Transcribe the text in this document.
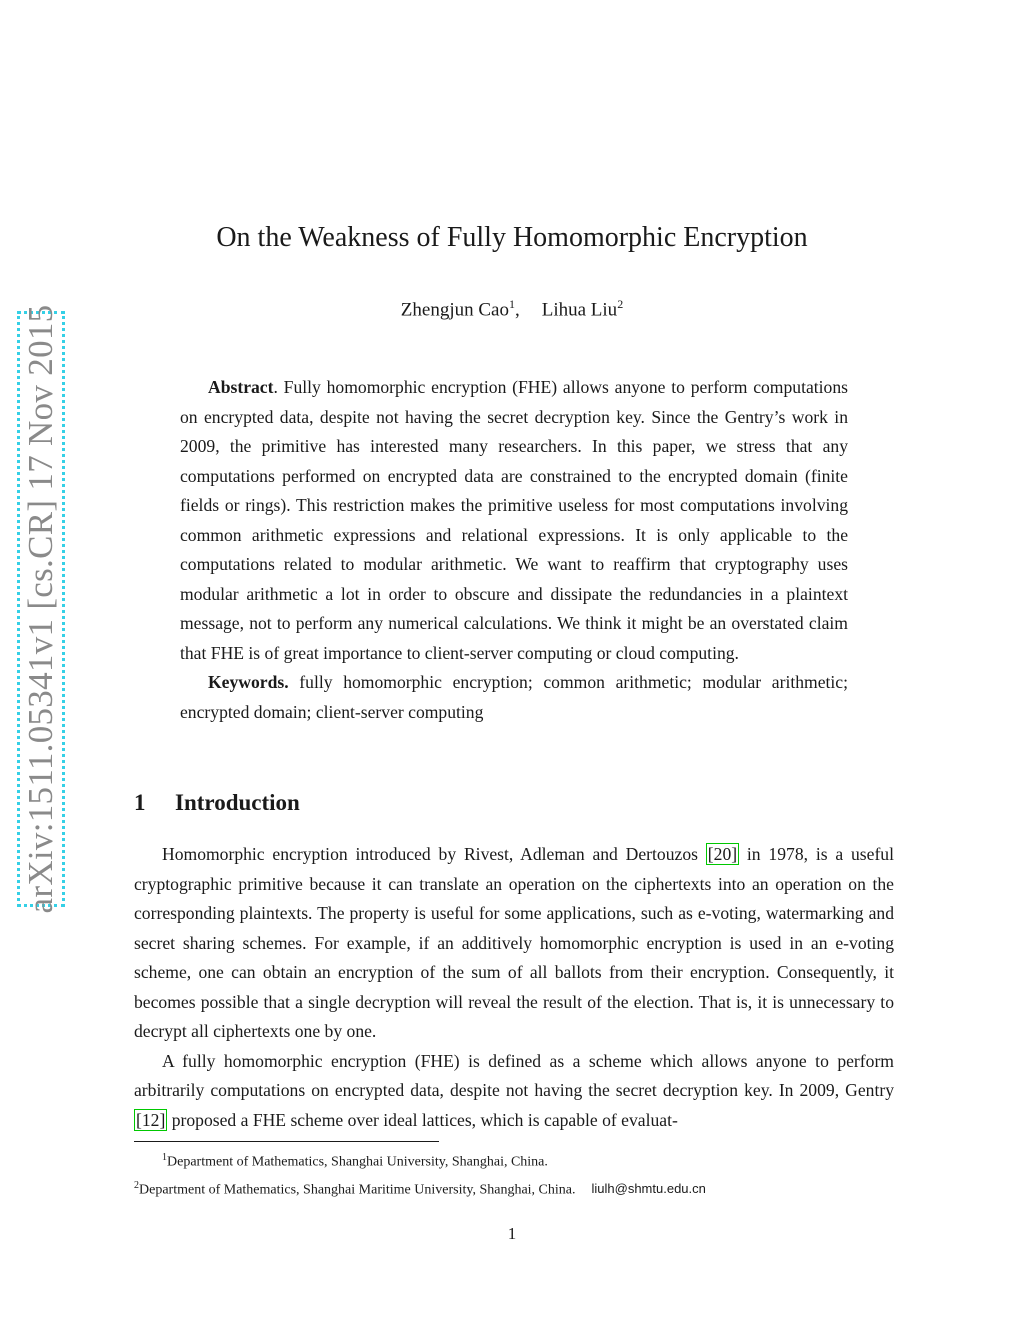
arXiv:1511.05341v1 [cs.CR] 17 Nov 2015
On the Weakness of Fully Homomorphic Encryption
Zhengjun Cao$^1$, Lihua Liu$^2$

Abstract. Fully homomorphic encryption (FHE) allows anyone to perform computations on encrypted data, despite not having the secret decryption key. Since the Gentry’s work in 2009, the primitive has interested many researchers. In this paper, we stress that any computations performed on encrypted data are constrained to the encrypted domain (finite fields or rings). This restriction makes the primitive useless for most computations involving common arithmetic expressions and relational expressions. It is only applicable to the computations related to modular arithmetic. We want to reaffirm that cryptography uses modular arithmetic a lot in order to obscure and dissipate the redundancies in a plaintext message, not to perform any numerical calculations. We think it might be an overstated claim that FHE is of great importance to client-server computing or cloud computing.

Keywords. fully homomorphic encryption; common arithmetic; modular arithmetic; encrypted domain; client-server computing

1 Introduction

Homomorphic encryption introduced by Rivest, Adleman and Dertouzos [20] in 1978, is a useful cryptographic primitive because it can translate an operation on the ciphertexts into an operation on the corresponding plaintexts. The property is useful for some applications, such as e-voting, watermarking and secret sharing schemes. For example, if an additively homomorphic encryption is used in an e-voting scheme, one can obtain an encryption of the sum of all ballots from their encryption. Consequently, it becomes possible that a single decryption will reveal the result of the election. That is, it is unnecessary to decrypt all ciphertexts one by one.

A fully homomorphic encryption (FHE) is defined as a scheme which allows anyone to perform arbitrarily computations on encrypted data, despite not having the secret decryption key. In 2009, Gentry [12] proposed a FHE scheme over ideal lattices, which is capable of evaluat-

$^1$Department of Mathematics, Shanghai University, Shanghai, China.
$^2$Department of Mathematics, Shanghai Maritime University, Shanghai, China. liulh@shmtu.edu.cn
1
